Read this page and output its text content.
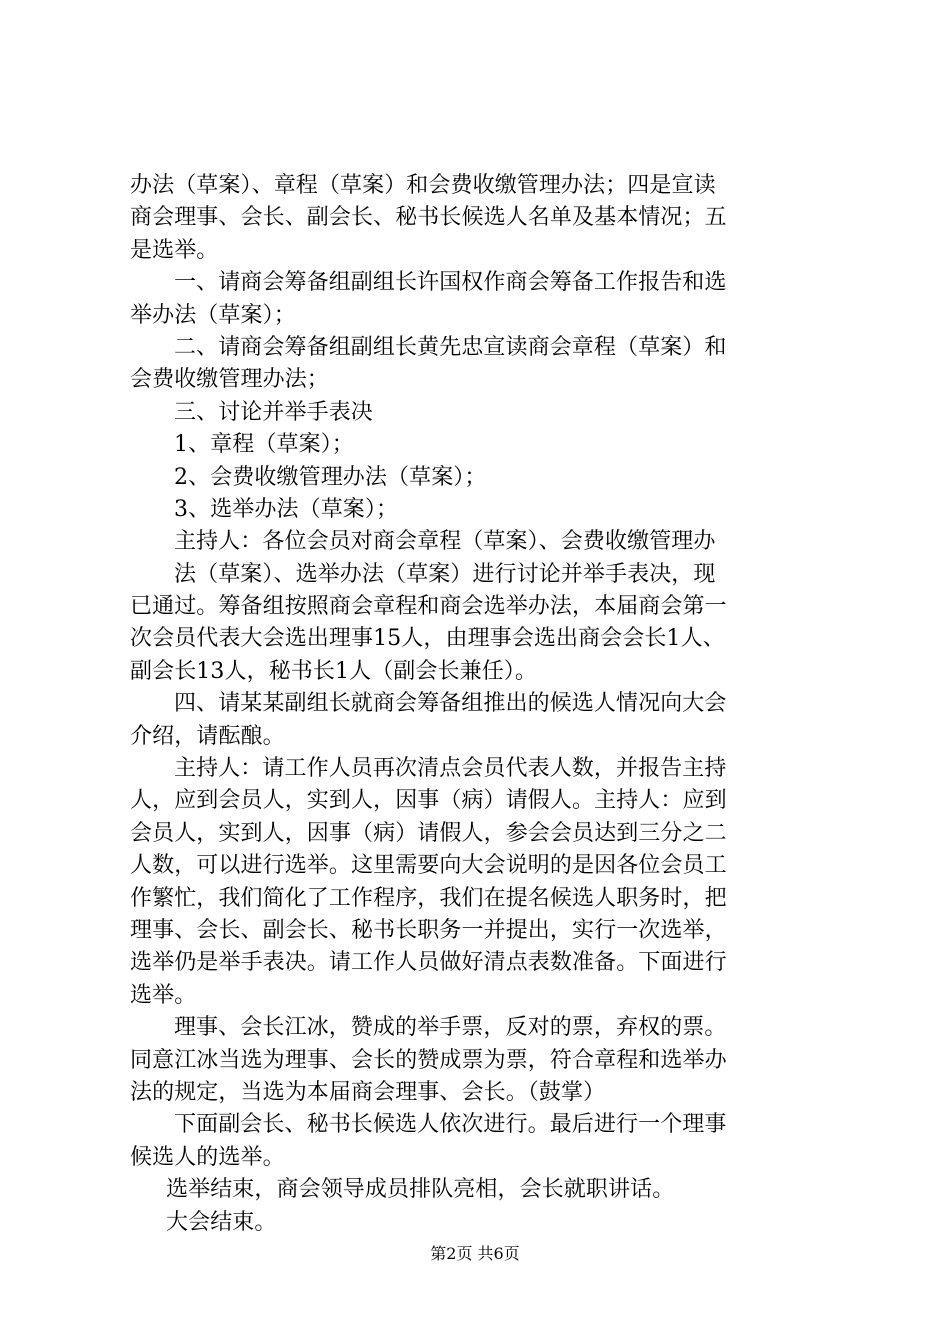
办法（草案）、章程（草案）和会费收缴管理办法；四是宣读
商会理事、会长、副会长、秘书长候选人名单及基本情况；五
是选举。
一、请商会筹备组副组长许国权作商会筹备工作报告和选
举办法（草案）；
二、请商会筹备组副组长黄先忠宣读商会章程（草案）和
会费收缴管理办法；
三、讨论并举手表决
1、章程（草案）；
2、会费收缴管理办法（草案）；
3、选举办法（草案）；
主持人：各位会员对商会章程（草案）、会费收缴管理办
法（草案）、选举办法（草案）进行讨论并举手表决，现
已通过。筹备组按照商会章程和商会选举办法，本届商会第一
次会员代表大会选出理事15人，由理事会选出商会会长1人、
副会长13人，秘书长1人（副会长兼任）。
四、请某某副组长就商会筹备组推出的候选人情况向大会
介绍，请酝酿。
主持人：请工作人员再次清点会员代表人数，并报告主持
人，应到会员人，实到人，因事（病）请假人。主持人：应到
会员人，实到人，因事（病）请假人，参会会员达到三分之二
人数，可以进行选举。这里需要向大会说明的是因各位会员工
作繁忙，我们简化了工作程序，我们在提名候选人职务时，把
理事、会长、副会长、秘书长职务一并提出，实行一次选举，
选举仍是举手表决。请工作人员做好清点表数准备。下面进行
选举。
理事、会长江冰，赞成的举手票，反对的票，弃权的票。
同意江冰当选为理事、会长的赞成票为票，符合章程和选举办
法的规定，当选为本届商会理事、会长。（鼓掌）
下面副会长、秘书长候选人依次进行。最后进行一个理事
候选人的选举。
选举结束，商会领导成员排队亮相，会长就职讲话。
大会结束。
第2页 共6页
